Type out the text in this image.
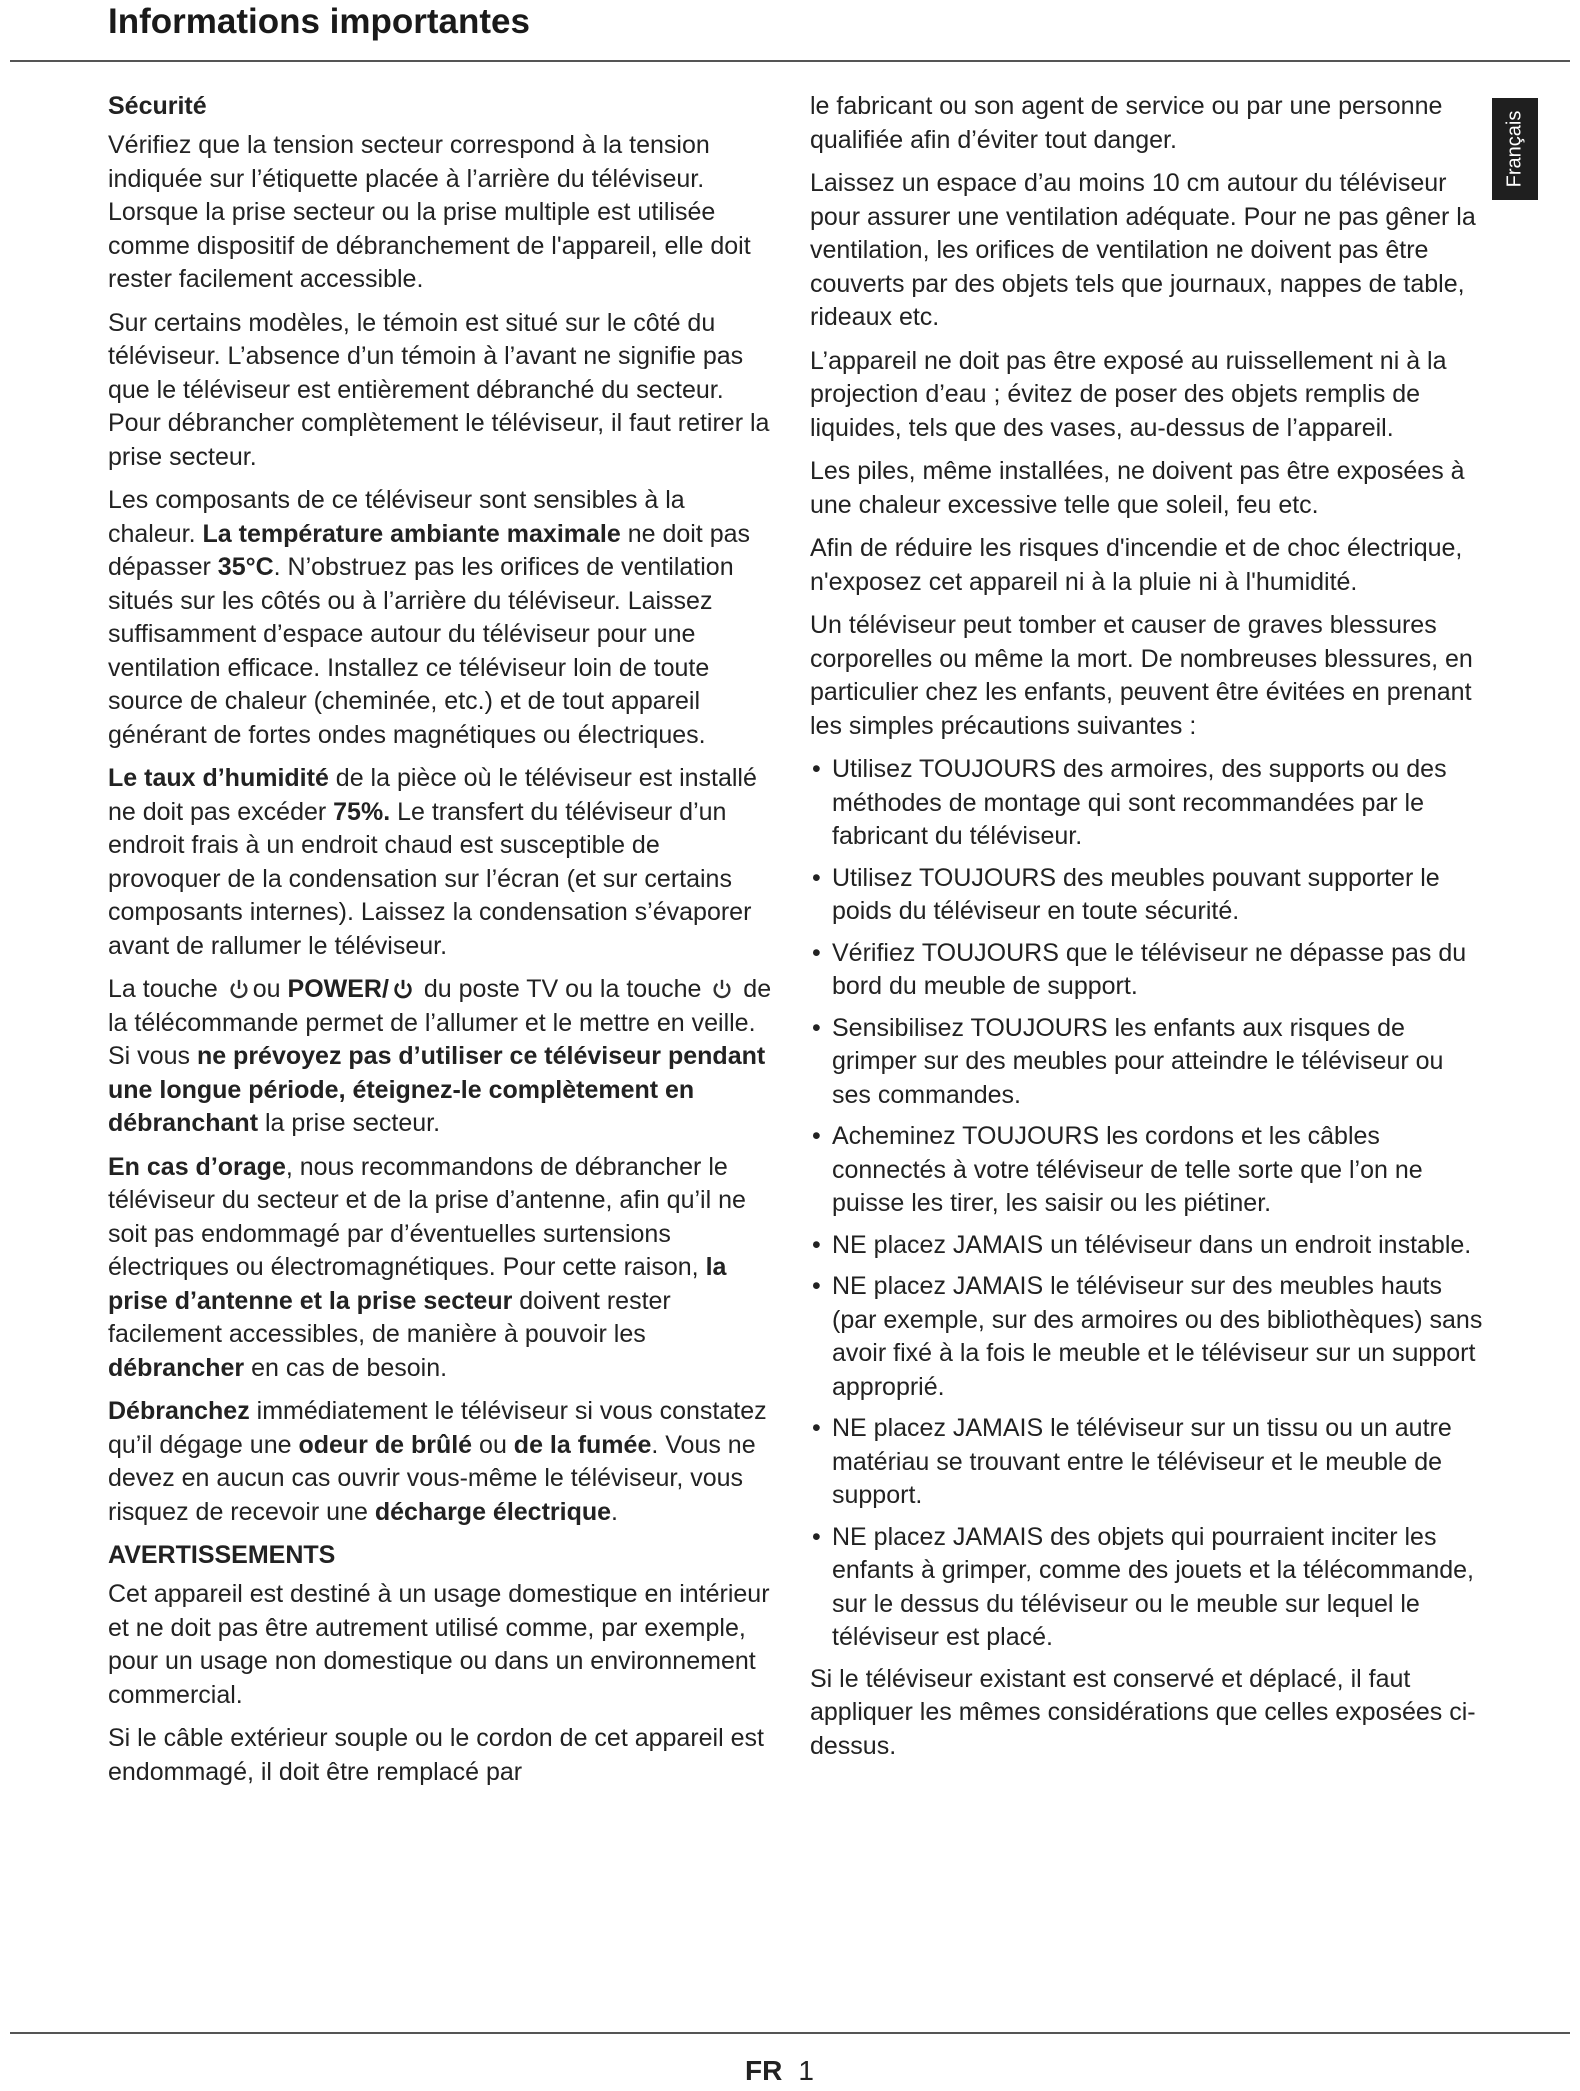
Informations importantes
Français
Sécurité

Vérifiez que la tension secteur correspond à la tension indiquée sur l’étiquette placée à l’arrière du téléviseur. Lorsque la prise secteur ou la prise multiple est utilisée comme dispositif de débranchement de l'appareil, elle doit rester facilement accessible.

Sur certains modèles, le témoin est situé sur le côté du téléviseur. L’absence d’un témoin à l’avant ne signifie pas que le téléviseur est entièrement débranché du secteur. Pour débrancher complètement le téléviseur, il faut retirer la prise secteur.

Les composants de ce téléviseur sont sensibles à la chaleur. La température ambiante maximale ne doit pas dépasser 35°C. N’obstruez pas les orifices de ventilation situés sur les côtés ou à l’arrière du téléviseur. Laissez suffisamment d’espace autour du téléviseur pour une ventilation efficace. Installez ce téléviseur loin de toute source de chaleur (cheminée, etc.) et de tout appareil générant de fortes ondes magnétiques ou électriques.

Le taux d’humidité de la pièce où le téléviseur est installé ne doit pas excéder 75%. Le transfert du téléviseur d’un endroit frais à un endroit chaud est susceptible de provoquer de la condensation sur l’écran (et sur certains composants internes). Laissez la condensation s’évaporer avant de rallumer le téléviseur.

La touche ou POWER/ du poste TV ou la touche  de la télécommande permet de l’allumer et le mettre en veille. Si vous ne prévoyez pas d’utiliser ce téléviseur pendant une longue période, éteignez-le complètement en débranchant la prise secteur.

En cas d’orage, nous recommandons de débrancher le téléviseur du secteur et de la prise d’antenne, afin qu’il ne soit pas endommagé par d’éventuelles surtensions électriques ou électromagnétiques. Pour cette raison, la prise d’antenne et la prise secteur doivent rester facilement accessibles, de manière à pouvoir les débrancher en cas de besoin.

Débranchez immédiatement le téléviseur si vous constatez qu’il dégage une odeur de brûlé ou de la fumée. Vous ne devez en aucun cas ouvrir vous-même le téléviseur, vous risquez de recevoir une décharge électrique.

AVERTISSEMENTS

Cet appareil est destiné à un usage domestique en intérieur et ne doit pas être autrement utilisé comme, par exemple, pour un usage non domestique ou dans un environnement commercial.

Si le câble extérieur souple ou le cordon de cet appareil est endommagé, il doit être remplacé par

le fabricant ou son agent de service ou par une personne qualifiée afin d’éviter tout danger.

Laissez un espace d’au moins 10 cm autour du téléviseur pour assurer une ventilation adéquate. Pour ne pas gêner la ventilation, les orifices de ventilation ne doivent pas être couverts par des objets tels que journaux, nappes de table, rideaux etc.

L’appareil ne doit pas être exposé au ruissellement ni à la projection d’eau ; évitez de poser des objets remplis de liquides, tels que des vases, au-dessus de l’appareil.

Les piles, même installées, ne doivent pas être exposées à une chaleur excessive telle que soleil, feu etc.

Afin de réduire les risques d'incendie et de choc électrique, n'exposez cet appareil ni à la pluie ni à l'humidité.

Un téléviseur peut tomber et causer de graves blessures corporelles ou même la mort. De nombreuses blessures, en particulier chez les enfants, peuvent être évitées en prenant les simples précautions suivantes :

• Utilisez TOUJOURS des armoires, des supports ou des méthodes de montage qui sont recommandées par le fabricant du téléviseur.
• Utilisez TOUJOURS des meubles pouvant supporter le poids du téléviseur en toute sécurité.
• Vérifiez TOUJOURS que le téléviseur ne dépasse pas du bord du meuble de support.
• Sensibilisez TOUJOURS les enfants aux risques de grimper sur des meubles pour atteindre le téléviseur ou ses commandes.
• Acheminez TOUJOURS les cordons et les câbles connectés à votre téléviseur de telle sorte que l’on ne puisse les tirer, les saisir ou les piétiner.
• NE placez JAMAIS un téléviseur dans un endroit instable.
• NE placez JAMAIS le téléviseur sur des meubles hauts (par exemple, sur des armoires ou des bibliothèques) sans avoir fixé à la fois le meuble et le téléviseur sur un support approprié.
• NE placez JAMAIS le téléviseur sur un tissu ou un autre matériau se trouvant entre le téléviseur et le meuble de support.
• NE placez JAMAIS des objets qui pourraient inciter les enfants à grimper, comme des jouets et la télécommande, sur le dessus du téléviseur ou le meuble sur lequel le téléviseur est placé.

Si le téléviseur existant est conservé et déplacé, il faut appliquer les mêmes considérations que celles exposées ci-dessus.

FR 1
